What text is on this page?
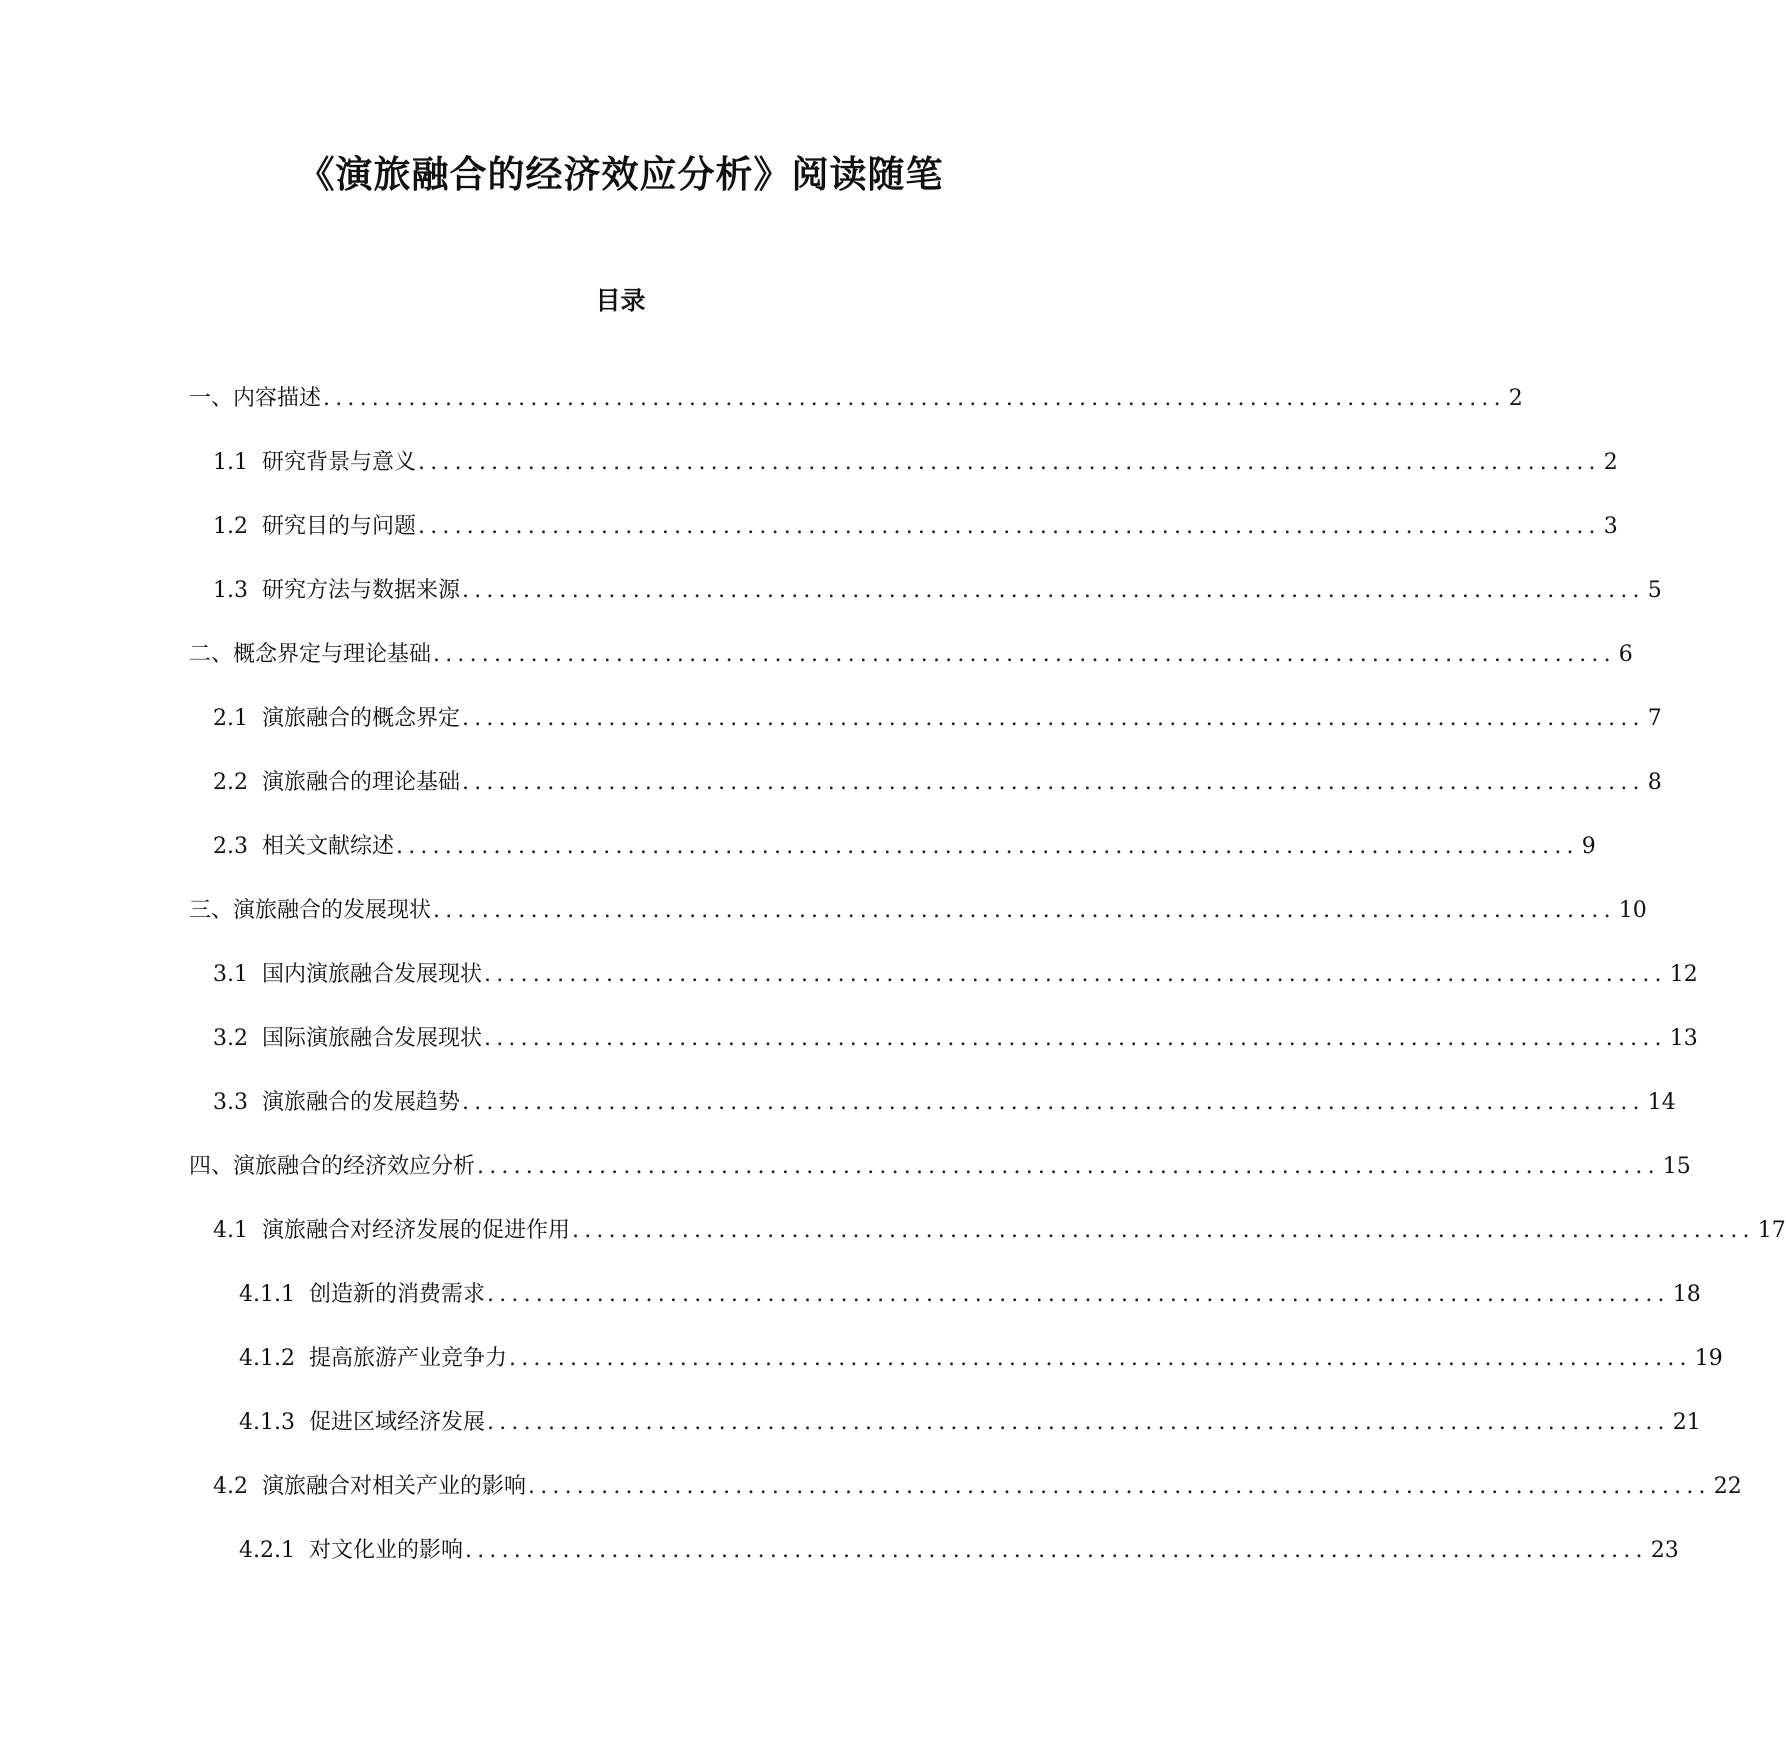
《演旅融合的经济效应分析》阅读随笔
目录
一、 内容描述 ................................................................................................. 2
1.1 研究背景与意义 ................................................................................................. 2
1.2 研究目的与问题 ................................................................................................. 3
1.3 研究方法与数据来源 ................................................................................................. 5
二、 概念界定与理论基础 ................................................................................................. 6
2.1 演旅融合的概念界定 ................................................................................................. 7
2.2 演旅融合的理论基础 ................................................................................................. 8
2.3 相关文献综述 ................................................................................................. 9
三、 演旅融合的发展现状 ................................................................................................. 10
3.1 国内演旅融合发展现状 ................................................................................................. 12
3.2 国际演旅融合发展现状 ................................................................................................. 13
3.3 演旅融合的发展趋势 ................................................................................................. 14
四、 演旅融合的经济效应分析 ................................................................................................. 15
4.1 演旅融合对经济发展的促进作用 ................................................................................................. 17
4.1.1 创造新的消费需求 ................................................................................................. 18
4.1.2 提高旅游产业竞争力 ................................................................................................. 19
4.1.3 促进区域经济发展 ................................................................................................. 21
4.2 演旅融合对相关产业的影响 ................................................................................................. 22
4.2.1 对文化业的影响 ................................................................................................. 23
